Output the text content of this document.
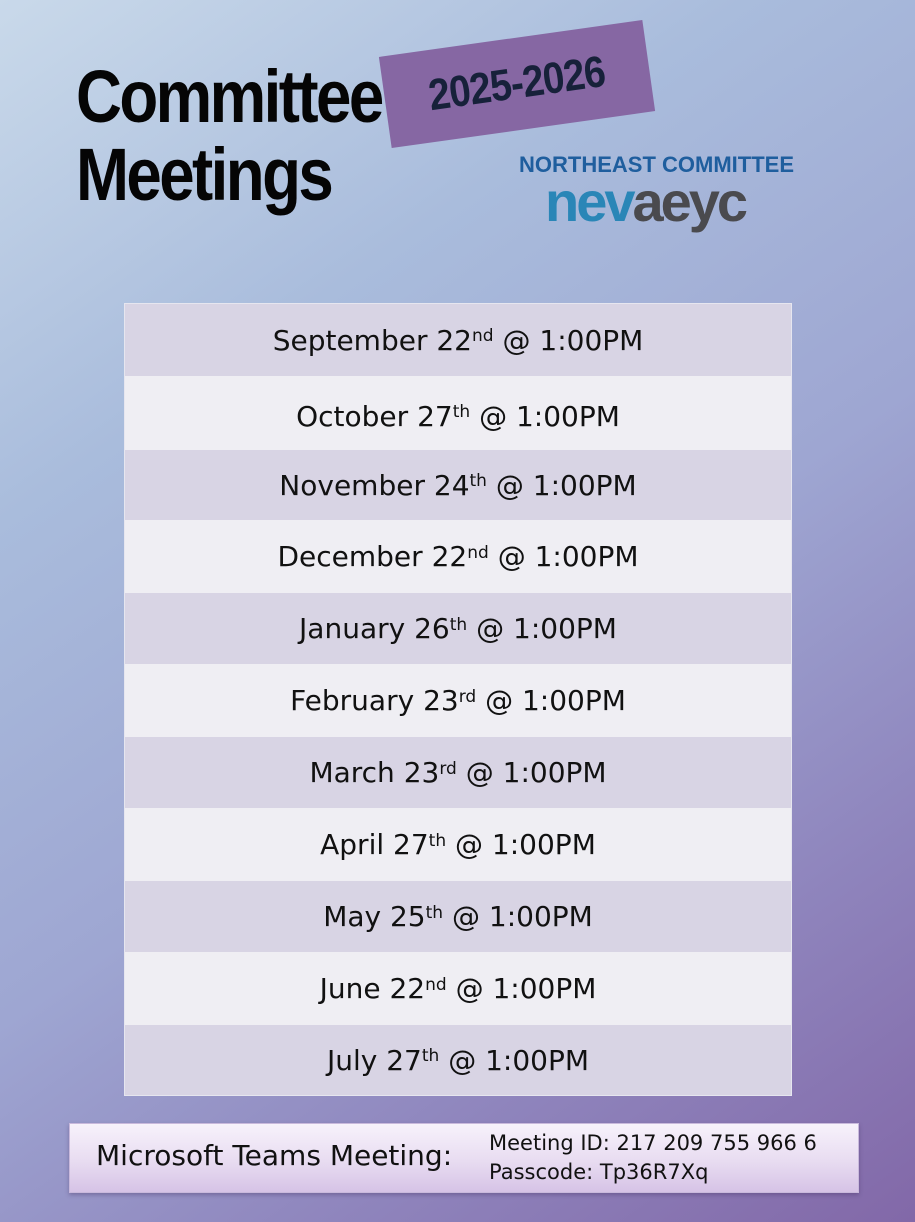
Committee
Meetings
2025-2026
NORTHEAST COMMITTEE
nevaeyc
September
22nd
@ 1:00PM
October
27th
@ 1:00PM
November
24th
@ 1:00PM
December
22nd
@ 1:00PM
January
26th
@ 1:00PM
February
23rd
@ 1:00PM
March
23rd
@ 1:00PM
April
27th
@ 1:00PM
May
25th
@ 1:00PM
June
22nd
@ 1:00PM
July
27th
@ 1:00PM
Microsoft Teams Meeting: Meeting ID: 217 209 755 966 6
Passcode: Tp36R7Xq
